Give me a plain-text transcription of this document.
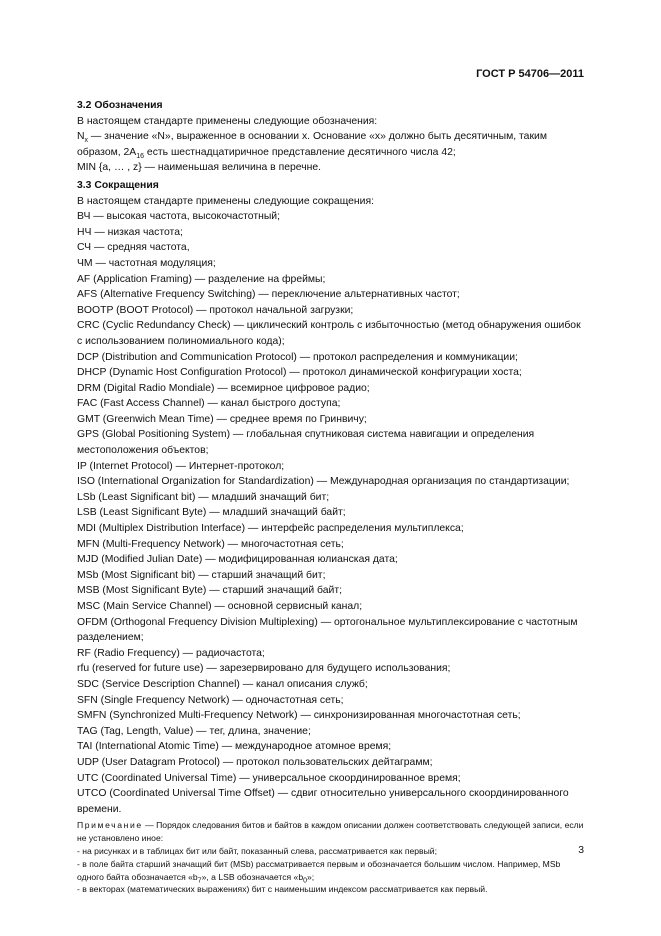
ГОСТ Р 54706—2011
3.2 Обозначения
В настоящем стандарте применены следующие обозначения:
$N_x$ — значение «N», выраженное в основании x. Основание «x» должно быть десятичным, таким образом, $2A_{16}$ есть шестнадцатиричное представление десятичного числа 42;
MIN {a, … , z} — наименьшая величина в перечне.
3.3 Сокращения
В настоящем стандарте применены следующие сокращения:
ВЧ — высокая частота, высокочастотный;
НЧ — низкая частота;
СЧ — средняя частота,
ЧМ — частотная модуляция;
AF (Application Framing) — разделение на фреймы;
AFS (Alternative Frequency Switching) — переключение альтернативных частот;
BOOTP (BOOT Protocol) — протокол начальной загрузки;
CRC (Cyclic Redundancy Check) — циклический контроль с избыточностью (метод обнаружения ошибок с использованием полиномиального кода);
DCP (Distribution and Communication Protocol) — протокол распределения и коммуникации;
DHCP (Dynamic Host Configuration Protocol) — протокол динамической конфигурации хоста;
DRM (Digital Radio Mondiale) — всемирное цифровое радио;
FAC (Fast Access Channel) — канал быстрого доступа;
GMT (Greenwich Mean Time) — среднее время по Гринвичу;
GPS (Global Positioning System) — глобальная спутниковая система навигации и определения местоположения объектов;
IP (Internet Protocol) — Интернет-протокол;
ISO (International Organization for Standardization) — Международная организация по стандартизации;
LSb (Least Significant bit) — младший значащий бит;
LSB (Least Significant Byte) — младший значащий байт;
MDI (Multiplex Distribution Interface) — интерфейс распределения мультиплекса;
MFN (Multi-Frequency Network) — многочастотная сеть;
MJD (Modified Julian Date) — модифицированная юлианская дата;
MSb (Most Significant bit) — старший значащий бит;
MSB (Most Significant Byte) — старший значащий байт;
MSC (Main Service Channel) — основной сервисный канал;
OFDM (Orthogonal Frequency Division Multiplexing) — ортогональное мультиплексирование с частотным разделением;
RF (Radio Frequency) — радиочастота;
rfu (reserved for future use) — зарезервировано для будущего использования;
SDC (Service Description Channel) — канал описания служб;
SFN (Single Frequency Network) — одночастотная сеть;
SMFN (Synchronized Multi-Frequency Network) — синхронизированная многочастотная сеть;
TAG (Tag, Length, Value) — тег, длина, значение;
TAI (International Atomic Time) — международное атомное время;
UDP (User Datagram Protocol) — протокол пользовательских дейтаграмм;
UTC (Coordinated Universal Time) — универсальное скоординированное время;
UTCO (Coordinated Universal Time Offset) — сдвиг относительно универсального скоординированного времени.
Примечание — Порядок следования битов и байтов в каждом описании должен соответствовать следующей записи, если не установлено иное:
- на рисунках и в таблицах бит или байт, показанный слева, рассматривается как первый;
- в поле байта старший значащий бит (MSb) рассматривается первым и обозначается большим числом. Например, MSb одного байта обозначается «$b_7$», а LSB обозначается «$b_0$»;
- в векторах (математических выражениях) бит с наименьшим индексом рассматривается как первый.
3
